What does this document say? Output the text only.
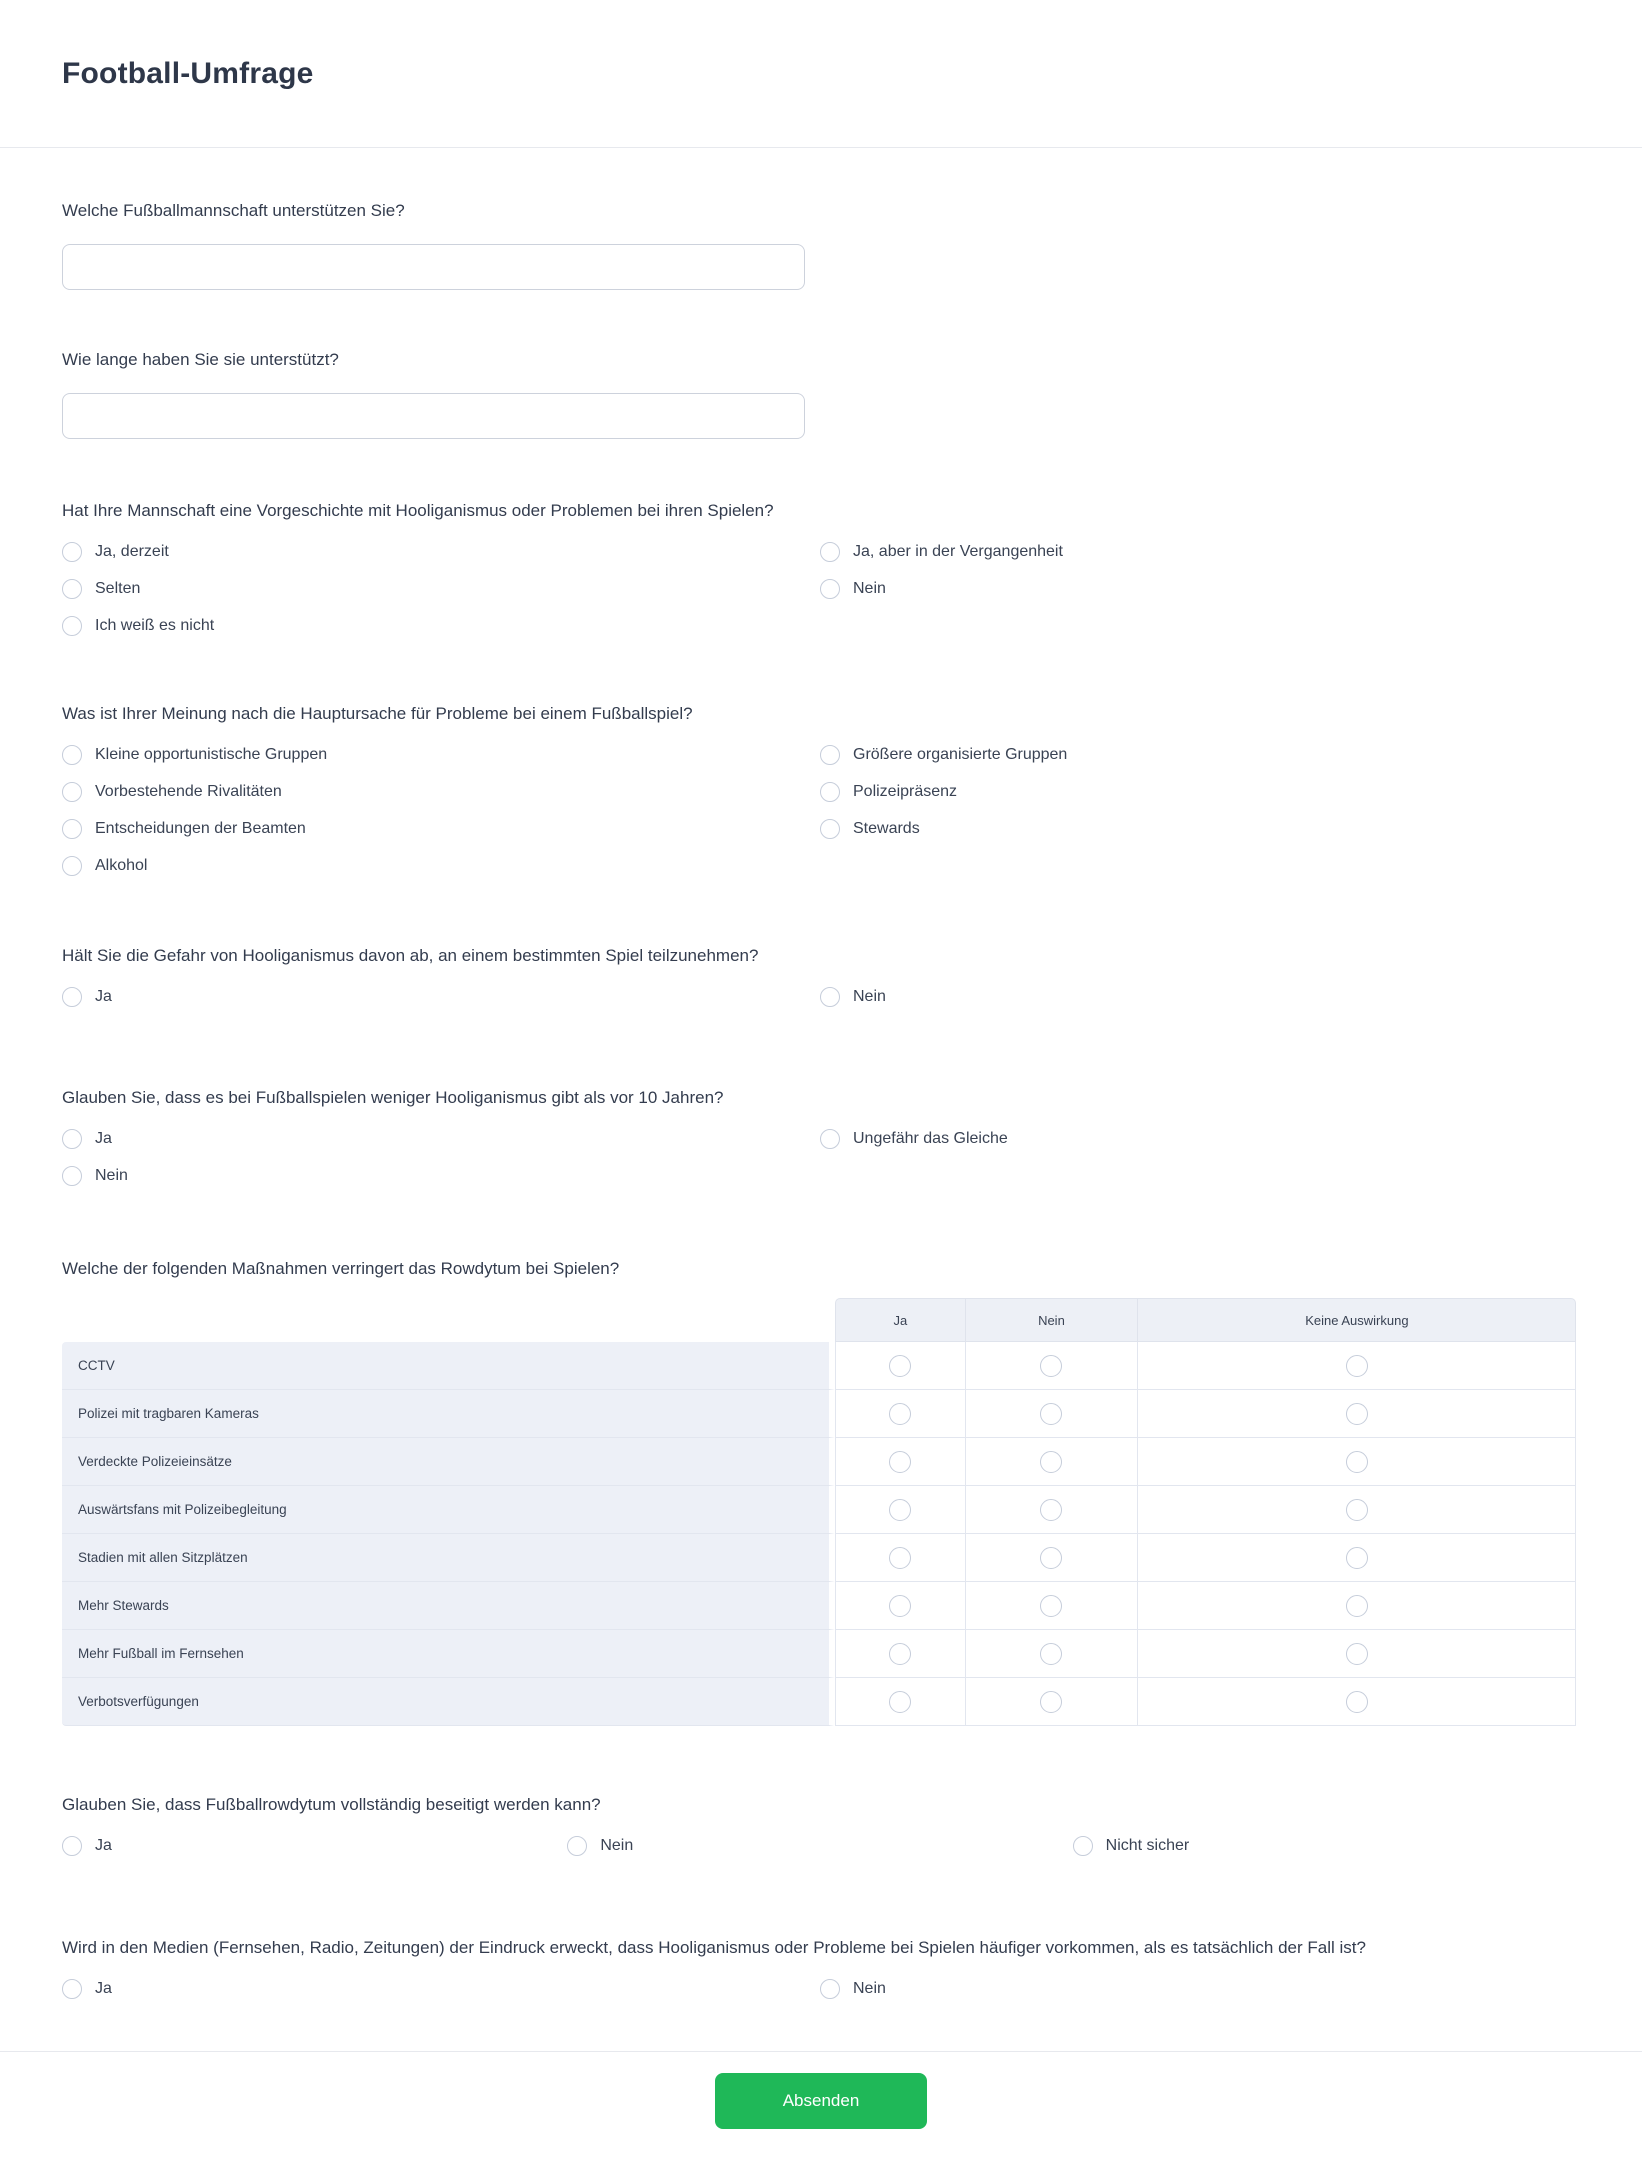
Football-Umfrage
Welche Fußballmannschaft unterstützen Sie?
Wie lange haben Sie sie unterstützt?
Hat Ihre Mannschaft eine Vorgeschichte mit Hooliganismus oder Problemen bei ihren Spielen?
Ja, derzeit	Ja, aber in der Vergangenheit
Selten	Nein
Ich weiß es nicht
Was ist Ihrer Meinung nach die Hauptursache für Probleme bei einem Fußballspiel?
Kleine opportunistische Gruppen	Größere organisierte Gruppen
Vorbestehende Rivalitäten	Polizeipräsenz
Entscheidungen der Beamten	Stewards
Alkohol
Hält Sie die Gefahr von Hooliganismus davon ab, an einem bestimmten Spiel teilzunehmen?
Ja	Nein
Glauben Sie, dass es bei Fußballspielen weniger Hooliganismus gibt als vor 10 Jahren?
Ja	Ungefähr das Gleiche
Nein
Welche der folgenden Maßnahmen verringert das Rowdytum bei Spielen?
Ja	Nein	Keine Auswirkung
CCTV
Polizei mit tragbaren Kameras
Verdeckte Polizeieinsätze
Auswärtsfans mit Polizeibegleitung
Stadien mit allen Sitzplätzen
Mehr Stewards
Mehr Fußball im Fernsehen
Verbotsverfügungen
Glauben Sie, dass Fußballrowdytum vollständig beseitigt werden kann?
Ja	Nein	Nicht sicher
Wird in den Medien (Fernsehen, Radio, Zeitungen) der Eindruck erweckt, dass Hooliganismus oder Probleme bei Spielen häufiger vorkommen, als es tatsächlich der Fall ist?
Ja	Nein
Absenden
